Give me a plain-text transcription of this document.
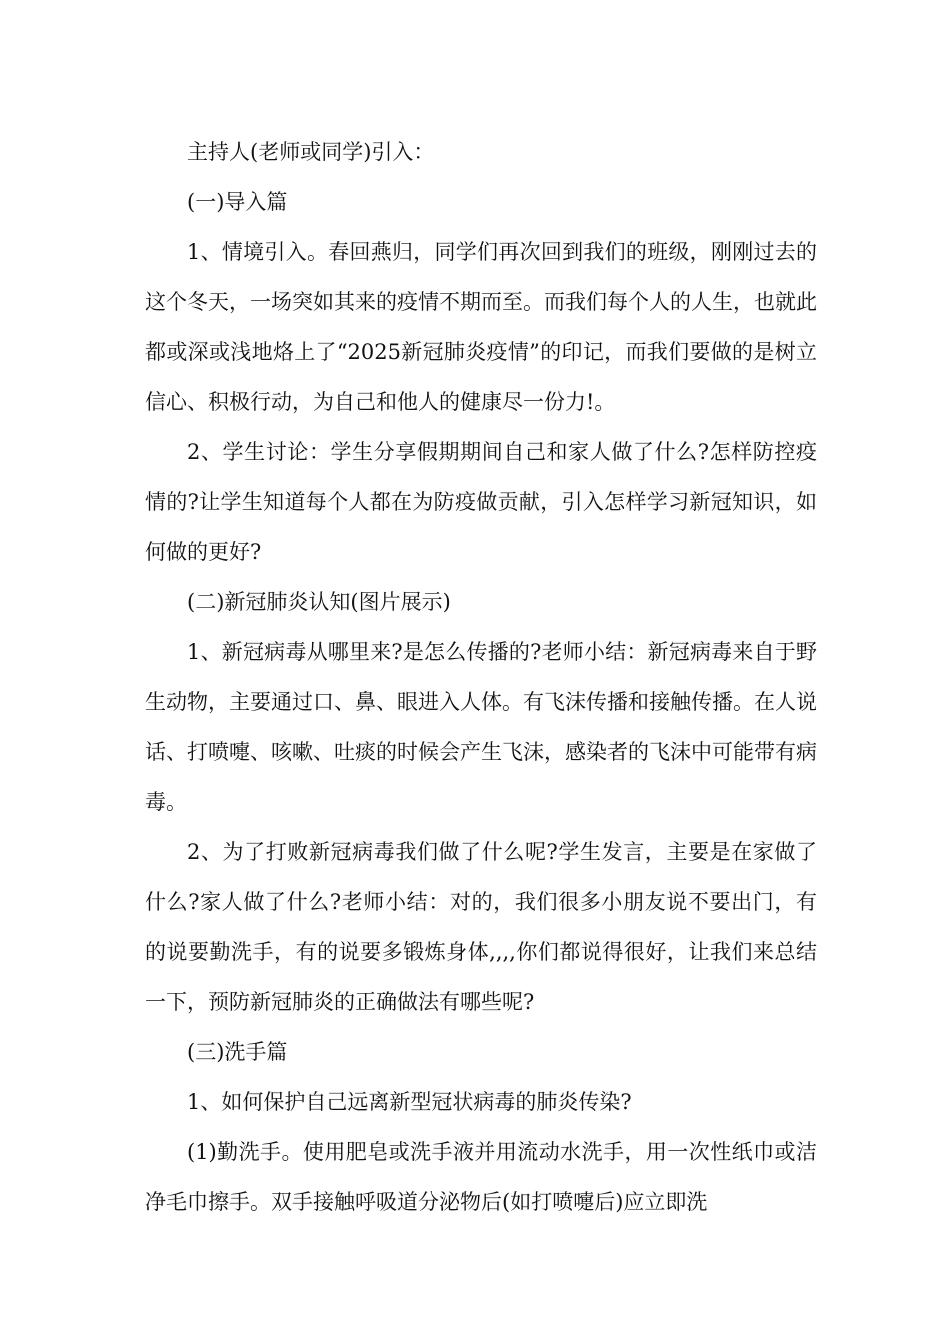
主持人(老师或同学)引入：

(一)导入篇

1、情境引入。春回燕归，同学们再次回到我们的班级，刚刚过去的这个冬天，一场突如其来的疫情不期而至。而我们每个人的人生，也就此都或深或浅地烙上了“2025新冠肺炎疫情”的印记，而我们要做的是树立信心、积极行动，为自己和他人的健康尽一份力!。

2、学生讨论：学生分享假期期间自己和家人做了什么?怎样防控疫情的?让学生知道每个人都在为防疫做贡献，引入怎样学习新冠知识，如何做的更好?

(二)新冠肺炎认知(图片展示)

1、新冠病毒从哪里来?是怎么传播的?老师小结：新冠病毒来自于野生动物，主要通过口、鼻、眼进入人体。有飞沫传播和接触传播。在人说话、打喷嚏、咳嗽、吐痰的时候会产生飞沫，感染者的飞沫中可能带有病毒。

2、为了打败新冠病毒我们做了什么呢?学生发言，主要是在家做了什么?家人做了什么?老师小结：对的，我们很多小朋友说不要出门，有的说要勤洗手，有的说要多锻炼身体,,,,你们都说得很好，让我们来总结一下，预防新冠肺炎的正确做法有哪些呢?

(三)洗手篇

1、如何保护自己远离新型冠状病毒的肺炎传染?

(1)勤洗手。使用肥皂或洗手液并用流动水洗手，用一次性纸巾或洁净毛巾擦手。双手接触呼吸道分泌物后(如打喷嚏后)应立即洗
